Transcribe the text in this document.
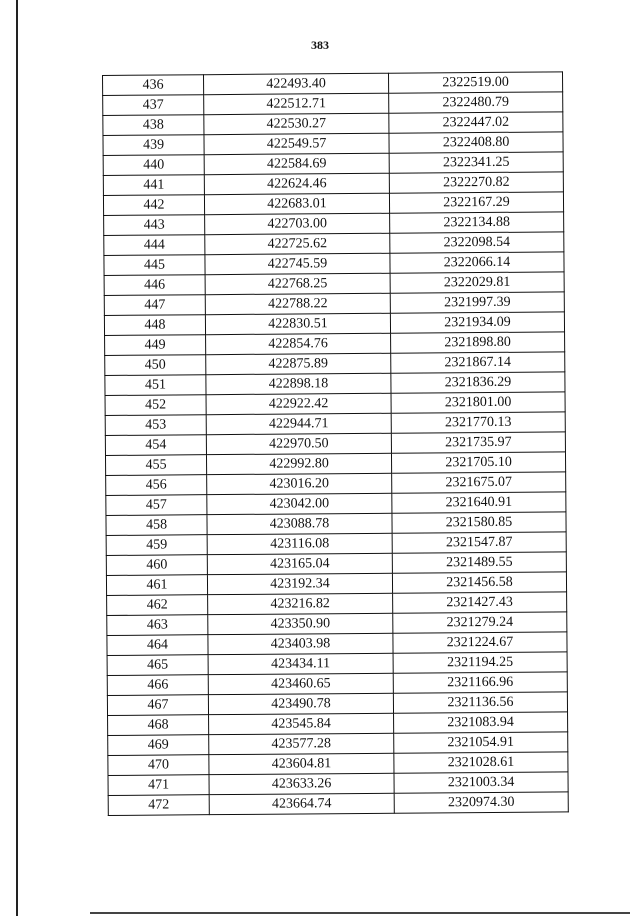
383
436	422493.40	2322519.00
437	422512.71	2322480.79
438	422530.27	2322447.02
439	422549.57	2322408.80
440	422584.69	2322341.25
441	422624.46	2322270.82
442	422683.01	2322167.29
443	422703.00	2322134.88
444	422725.62	2322098.54
445	422745.59	2322066.14
446	422768.25	2322029.81
447	422788.22	2321997.39
448	422830.51	2321934.09
449	422854.76	2321898.80
450	422875.89	2321867.14
451	422898.18	2321836.29
452	422922.42	2321801.00
453	422944.71	2321770.13
454	422970.50	2321735.97
455	422992.80	2321705.10
456	423016.20	2321675.07
457	423042.00	2321640.91
458	423088.78	2321580.85
459	423116.08	2321547.87
460	423165.04	2321489.55
461	423192.34	2321456.58
462	423216.82	2321427.43
463	423350.90	2321279.24
464	423403.98	2321224.67
465	423434.11	2321194.25
466	423460.65	2321166.96
467	423490.78	2321136.56
468	423545.84	2321083.94
469	423577.28	2321054.91
470	423604.81	2321028.61
471	423633.26	2321003.34
472	423664.74	2320974.30
